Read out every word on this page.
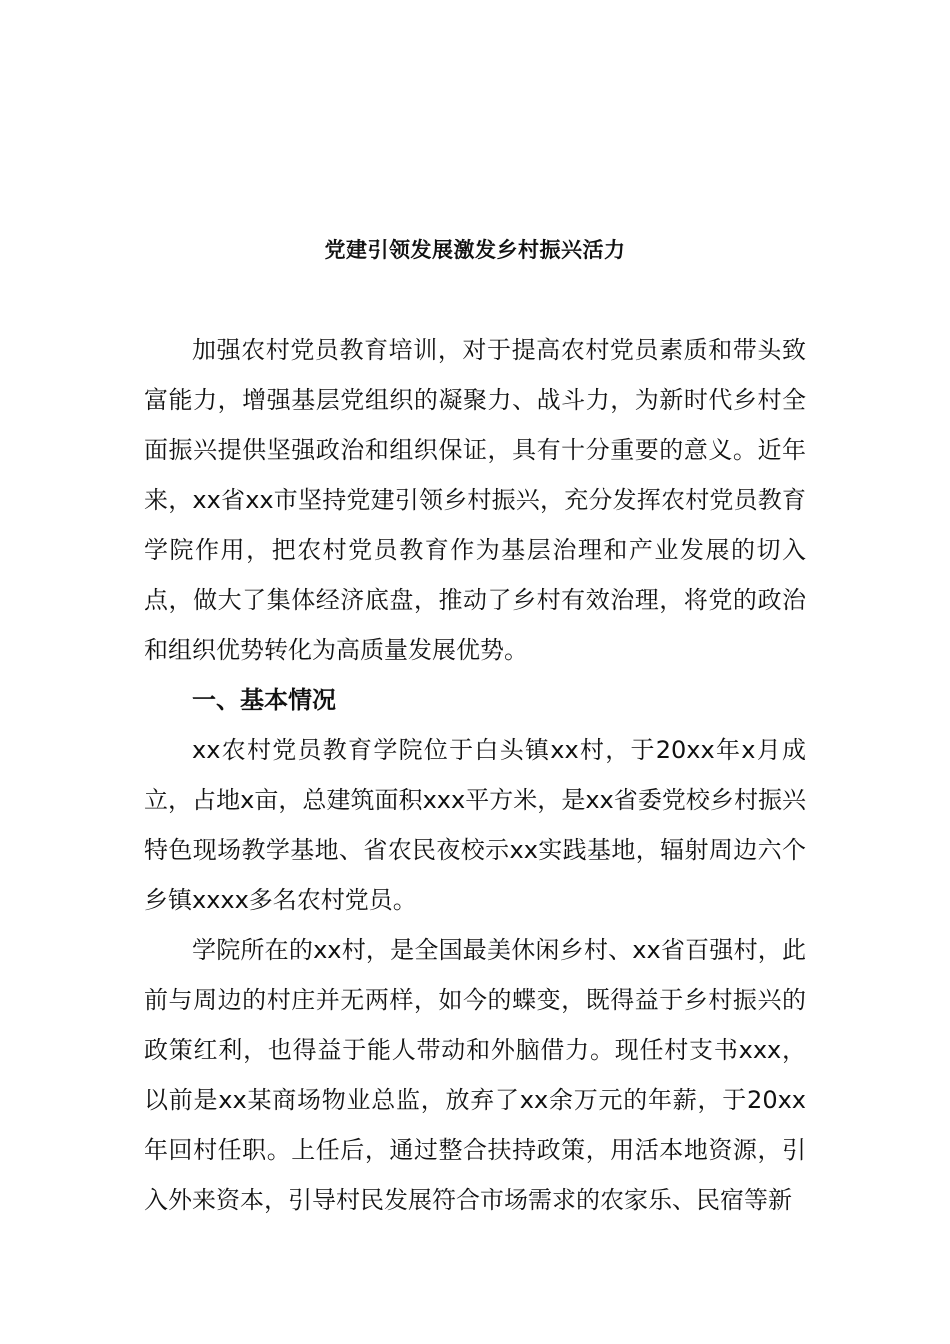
党建引领发展激发乡村振兴活力

加强农村党员教育培训，对于提高农村党员素质和带头致富能力，增强基层党组织的凝聚力、战斗力，为新时代乡村全面振兴提供坚强政治和组织保证，具有十分重要的意义。近年来，xx省xx市坚持党建引领乡村振兴，充分发挥农村党员教育学院作用，把农村党员教育作为基层治理和产业发展的切入点，做大了集体经济底盘，推动了乡村有效治理，将党的政治和组织优势转化为高质量发展优势。

一、基本情况

xx农村党员教育学院位于白头镇xx村，于20xx年x月成立，占地x亩，总建筑面积xxx平方米，是xx省委党校乡村振兴特色现场教学基地、省农民夜校示xx实践基地，辐射周边六个乡镇xxxx多名农村党员。

学院所在的xx村，是全国最美休闲乡村、xx省百强村，此前与周边的村庄并无两样，如今的蝶变，既得益于乡村振兴的政策红利，也得益于能人带动和外脑借力。现任村支书xxx，以前是xx某商场物业总监，放弃了xx余万元的年薪，于20xx年回村任职。上任后，通过整合扶持政策，用活本地资源，引入外来资本，引导村民发展符合市场需求的农家乐、民宿等新
